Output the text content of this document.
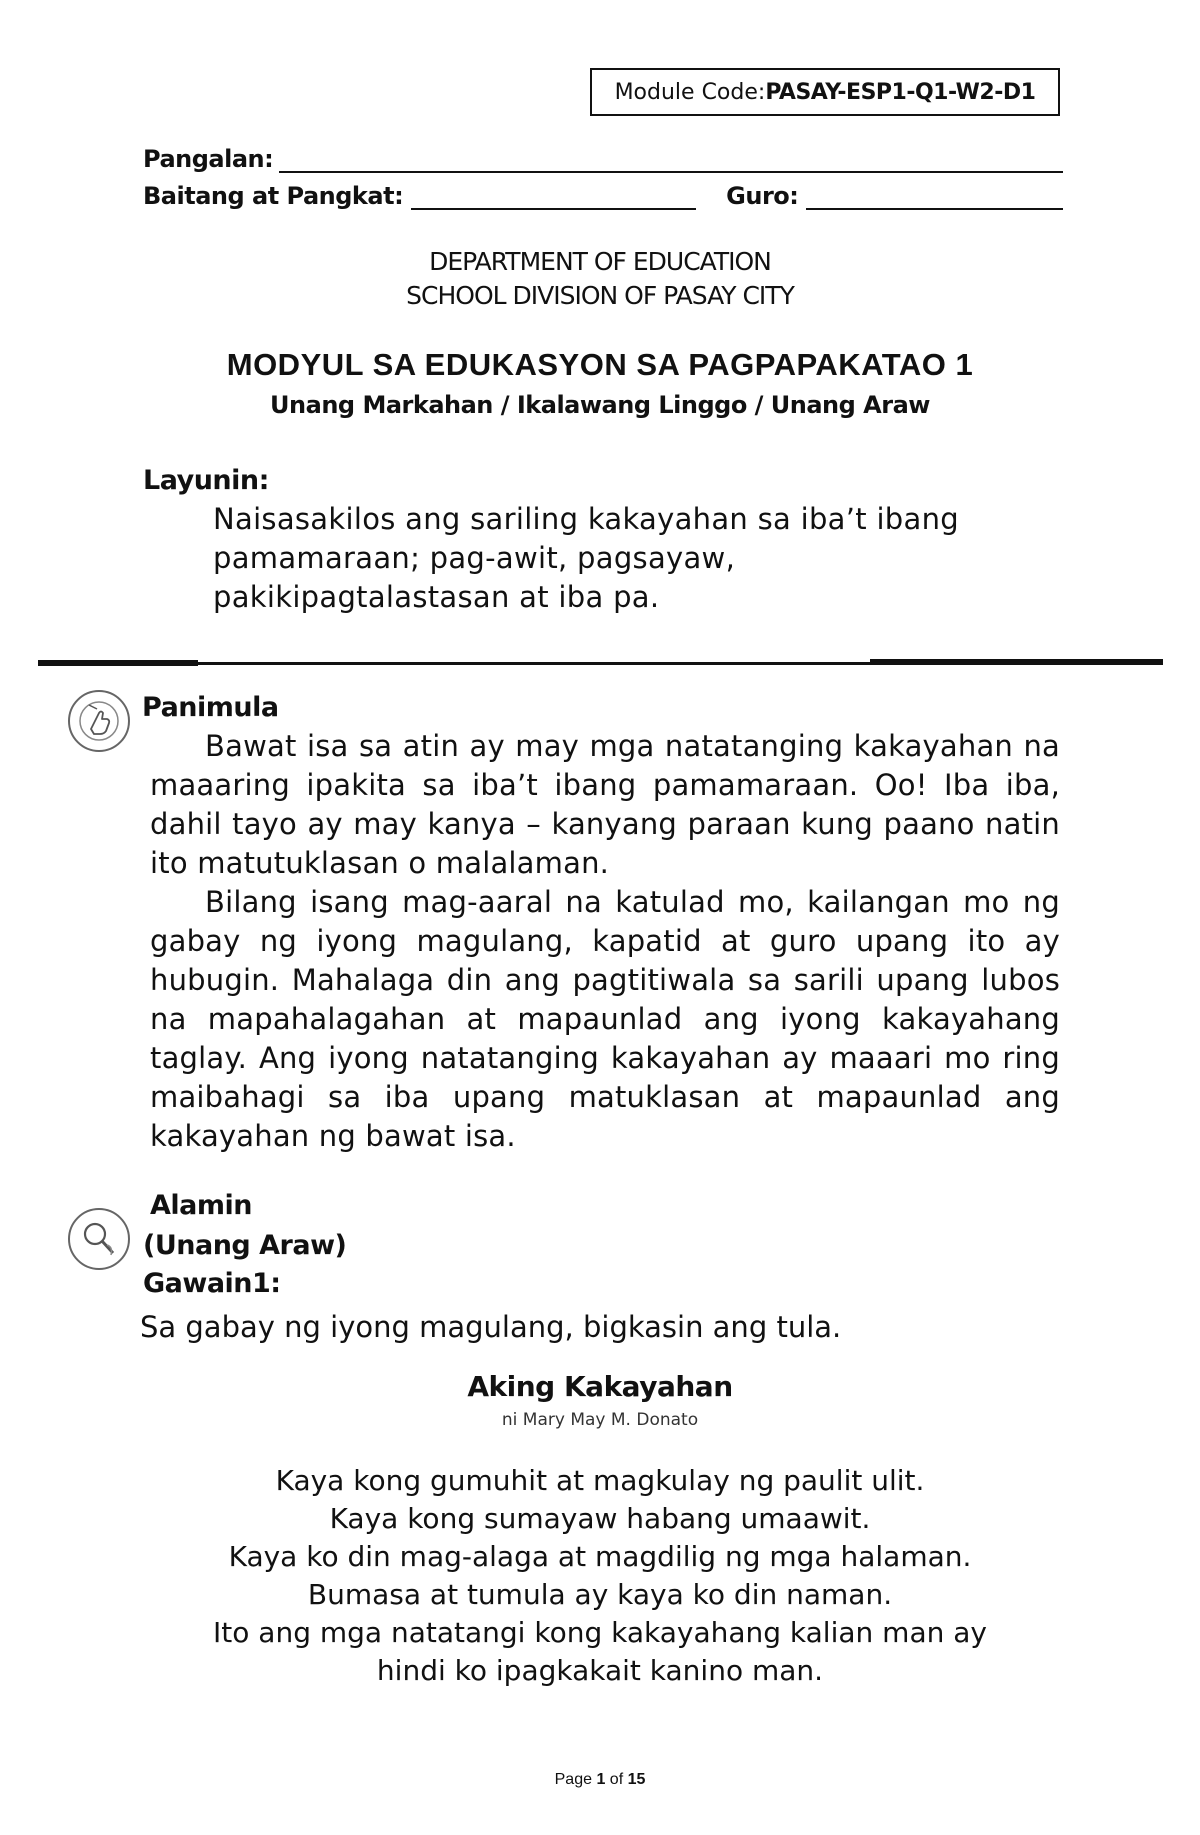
Module Code: PASAY-ESP1-Q1-W2-D1
Pangalan:
Baitang at Pangkat:	Guro:
DEPARTMENT OF EDUCATION
SCHOOL DIVISION OF PASAY CITY
MODYUL SA EDUKASYON SA PAGPAPAKATAO 1
Unang Markahan / Ikalawang Linggo / Unang Araw
Layunin:
Naisasakilos ang sariling kakayahan sa iba’t ibang
pamamaraan; pag-awit, pagsayaw,
pakikipagtalastasan at iba pa.
Panimula

Bawat isa sa atin ay may mga natatanging kakayahan na maaaring ipakita sa iba’t ibang pamamaraan. Oo! Iba iba, dahil tayo ay may kanya – kanyang paraan kung paano natin ito matutuklasan o malalaman.

Bilang isang mag-aaral na katulad mo, kailangan mo ng gabay ng iyong magulang, kapatid at guro upang ito ay hubugin. Mahalaga din ang pagtitiwala sa sarili upang lubos na mapahalagahan at mapaunlad ang iyong kakayahang taglay. Ang iyong natatanging kakayahan ay maaari mo ring maibahagi sa iba upang matuklasan at mapaunlad ang kakayahan ng bawat isa.

Alamin
(Unang Araw)
Gawain1:
Sa gabay ng iyong magulang, bigkasin ang tula.
Aking Kakayahan
ni Mary May M. Donato
Kaya kong gumuhit at magkulay ng paulit ulit.
Kaya kong sumayaw habang umaawit.
Kaya ko din mag-alaga at magdilig ng mga halaman.
Bumasa at tumula ay kaya ko din naman.
Ito ang mga natatangi kong kakayahang kalian man ay
hindi ko ipagkakait kanino man.
Page 1 of 15
